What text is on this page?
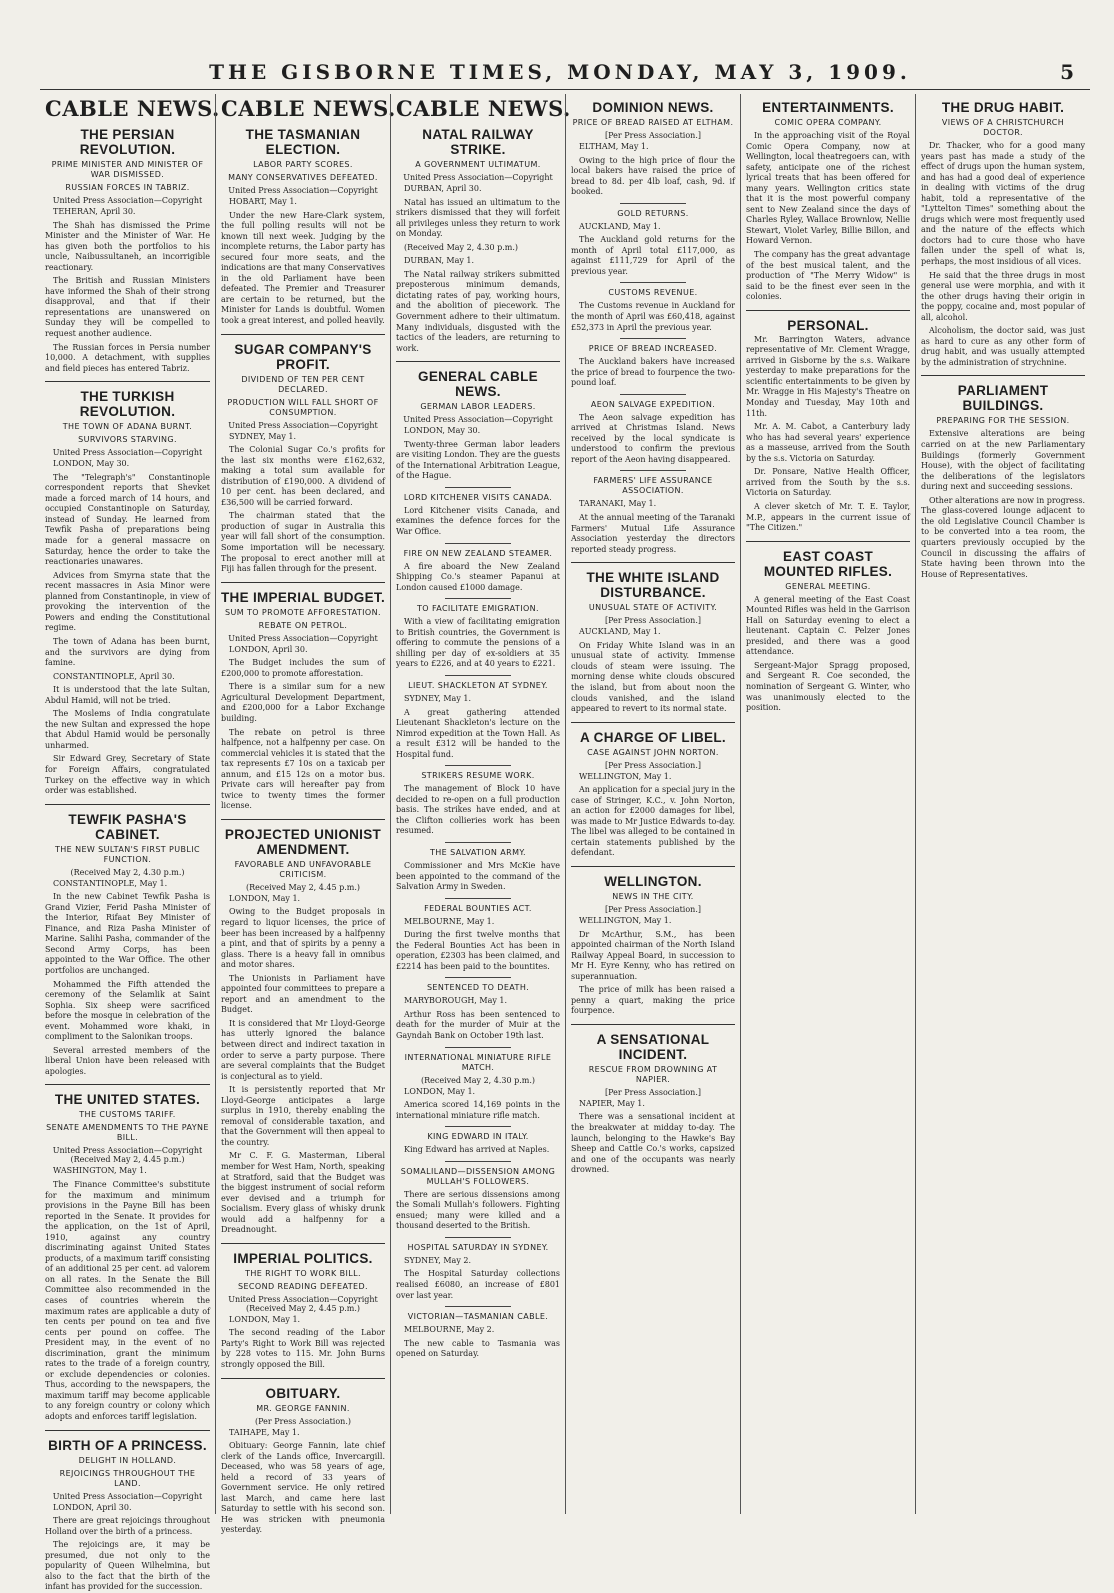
THE GISBORNE TIMES, MONDAY, MAY 3, 1909.	5
CABLE NEWS.
THE PERSIAN REVOLUTION.
PRIME MINISTER AND MINISTER OF WAR DISMISSED.
RUSSIAN FORCES IN TABRIZ.
United Press Association—Copyright

TEHERAN, April 30.

The Shah has dismissed the Prime Minister and the Minister of War. He has given both the portfolios to his uncle, Naibussultaneh, an incorrigible reactionary.

The British and Russian Ministers have informed the Shah of their strong disapproval, and that if their representations are unanswered on Sunday they will be compelled to request another audience.

The Russian forces in Persia number 10,000. A detachment, with supplies and field pieces has entered Tabriz.

THE TURKISH REVOLUTION.
THE TOWN OF ADANA BURNT.
SURVIVORS STARVING.
United Press Association—Copyright

LONDON, May 30.

The "Telegraph's" Constantinople correspondent reports that Shevket made a forced march of 14 hours, and occupied Constantinople on Saturday, instead of Sunday. He learned from Tewfik Pasha of preparations being made for a general massacre on Saturday, hence the order to take the reactionaries unawares.

Advices from Smyrna state that the recent massacres in Asia Minor were planned from Constantinople, in view of provoking the intervention of the Powers and ending the Constitutional regime.

The town of Adana has been burnt, and the survivors are dying from famine.

CONSTANTINOPLE, April 30.

It is understood that the late Sultan, Abdul Hamid, will not be tried.

The Moslems of India congratulate the new Sultan and expressed the hope that Abdul Hamid would be personally unharmed.

Sir Edward Grey, Secretary of State for Foreign Affairs, congratulated Turkey on the effective way in which order was established.

TEWFIK PASHA'S CABINET.
THE NEW SULTAN'S FIRST PUBLIC FUNCTION.
(Received May 2, 4.30 p.m.)

CONSTANTINOPLE, May 1.

In the new Cabinet Tewfik Pasha is Grand Vizier, Ferid Pasha Minister of the Interior, Rifaat Bey Minister of Finance, and Riza Pasha Minister of Marine. Salihi Pasha, commander of the Second Army Corps, has been appointed to the War Office. The other portfolios are unchanged.

Mohammed the Fifth attended the ceremony of the Selamlik at Saint Sophia. Six sheep were sacrificed before the mosque in celebration of the event. Mohammed wore khaki, in compliment to the Salonikan troops.

Several arrested members of the liberal Union have been released with apologies.

THE UNITED STATES.
THE CUSTOMS TARIFF.
SENATE AMENDMENTS TO THE PAYNE BILL.
United Press Association—Copyright (Received May 2, 4.45 p.m.)

WASHINGTON, May 1.

The Finance Committee's substitute for the maximum and minimum provisions in the Payne Bill has been reported in the Senate. It provides for the application, on the 1st of April, 1910, against any country discriminating against United States products, of a maximum tariff consisting of an additional 25 per cent. ad valorem on all rates. In the Senate the Bill Committee also recommended in the cases of countries wherein the maximum rates are applicable a duty of ten cents per pound on tea and five cents per pound on coffee. The President may, in the event of no discrimination, grant the minimum rates to the trade of a foreign country, or exclude dependencies or colonies. Thus, according to the newspapers, the maximum tariff may become applicable to any foreign country or colony which adopts and enforces tariff legislation.

BIRTH OF A PRINCESS.
DELIGHT IN HOLLAND.
REJOICINGS THROUGHOUT THE LAND.
United Press Association—Copyright

LONDON, April 30.

There are great rejoicings throughout Holland over the birth of a princess.

The rejoicings are, it may be presumed, due not only to the popularity of Queen Wilhelmina, but also to the fact that the birth of the infant has provided for the succession.

CABLE NEWS.
THE TASMANIAN ELECTION.
LABOR PARTY SCORES.
MANY CONSERVATIVES DEFEATED.
United Press Association—Copyright

HOBART, May 1.

Under the new Hare-Clark system, the full polling results will not be known till next week. Judging by the incomplete returns, the Labor party has secured four more seats, and the indications are that many Conservatives in the old Parliament have been defeated. The Premier and Treasurer are certain to be returned, but the Minister for Lands is doubtful. Women took a great interest, and polled heavily.

SUGAR COMPANY'S PROFIT.
DIVIDEND OF TEN PER CENT DECLARED.
PRODUCTION WILL FALL SHORT OF CONSUMPTION.
United Press Association—Copyright

SYDNEY, May 1.

The Colonial Sugar Co.'s profits for the last six months were £162,632, making a total sum available for distribution of £190,000. A dividend of 10 per cent. has been declared, and £36,500 will be carried forward.

The chairman stated that the production of sugar in Australia this year will fall short of the consumption. Some importation will be necessary. The proposal to erect another mill at Fiji has fallen through for the present.

THE IMPERIAL BUDGET.
SUM TO PROMOTE AFFORESTATION.
REBATE ON PETROL.
United Press Association—Copyright

LONDON, April 30.

The Budget includes the sum of £200,000 to promote afforestation.

There is a similar sum for a new Agricultural Development Department, and £200,000 for a Labor Exchange building.

The rebate on petrol is three halfpence, not a halfpenny per case. On commercial vehicles it is stated that the tax represents £7 10s on a taxicab per annum, and £15 12s on a motor bus. Private cars will hereafter pay from twice to twenty times the former license.

PROJECTED UNIONIST AMENDMENT.
FAVORABLE AND UNFAVORABLE CRITICISM.
(Received May 2, 4.45 p.m.)

LONDON, May 1.

Owing to the Budget proposals in regard to liquor licenses, the price of beer has been increased by a halfpenny a pint, and that of spirits by a penny a glass. There is a heavy fall in omnibus and motor shares.

The Unionists in Parliament have appointed four committees to prepare a report and an amendment to the Budget.

It is considered that Mr Lloyd-George has utterly ignored the balance between direct and indirect taxation in order to serve a party purpose. There are several complaints that the Budget is conjectural as to yield.

It is persistently reported that Mr Lloyd-George anticipates a large surplus in 1910, thereby enabling the removal of considerable taxation, and that the Government will then appeal to the country.

Mr C. F. G. Masterman, Liberal member for West Ham, North, speaking at Stratford, said that the Budget was the biggest instrument of social reform ever devised and a triumph for Socialism. Every glass of whisky drunk would add a halfpenny for a Dreadnought.

IMPERIAL POLITICS.
THE RIGHT TO WORK BILL.
SECOND READING DEFEATED.
United Press Association—Copyright (Received May 2, 4.45 p.m.)

LONDON, May 1.

The second reading of the Labor Party's Right to Work Bill was rejected by 228 votes to 115. Mr. John Burns strongly opposed the Bill.

OBITUARY.
MR. GEORGE FANNIN.
(Per Press Association.)

TAIHAPE, May 1.

Obituary: George Fannin, late chief clerk of the Lands office, Invercargill. Deceased, who was 58 years of age, held a record of 33 years of Government service. He only retired last March, and came here last Saturday to settle with his second son. He was stricken with pneumonia yesterday.

CABLE NEWS.
NATAL RAILWAY STRIKE.
A GOVERNMENT ULTIMATUM.
United Press Association—Copyright

DURBAN, April 30.

Natal has issued an ultimatum to the strikers dismissed that they will forfeit all privileges unless they return to work on Monday.

(Received May 2, 4.30 p.m.)

DURBAN, May 1.

The Natal railway strikers submitted preposterous minimum demands, dictating rates of pay, working hours, and the abolition of piecework. The Government adhere to their ultimatum. Many individuals, disgusted with the tactics of the leaders, are returning to work.

GENERAL CABLE NEWS.
GERMAN LABOR LEADERS.
United Press Association—Copyright

LONDON, May 30.

Twenty-three German labor leaders are visiting London. They are the guests of the International Arbitration League, of the Hague.

LORD KITCHENER VISITS CANADA.

Lord Kitchener visits Canada, and examines the defence forces for the War Office.

FIRE ON NEW ZEALAND STEAMER.

A fire aboard the New Zealand Shipping Co.'s steamer Papanui at London caused £1000 damage.

TO FACILITATE EMIGRATION.

With a view of facilitating emigration to British countries, the Government is offering to commute the pensions of a shilling per day of ex-soldiers at 35 years to £226, and at 40 years to £221.

LIEUT. SHACKLETON AT SYDNEY.

SYDNEY, May 1.

A great gathering attended Lieutenant Shackleton's lecture on the Nimrod expedition at the Town Hall. As a result £312 will be handed to the Hospital fund.

STRIKERS RESUME WORK.

The management of Block 10 have decided to re-open on a full production basis. The strikes have ended, and at the Clifton collieries work has been resumed.

THE SALVATION ARMY.

Commissioner and Mrs McKie have been appointed to the command of the Salvation Army in Sweden.

FEDERAL BOUNTIES ACT.

MELBOURNE, May 1.

During the first twelve months that the Federal Bounties Act has been in operation, £2303 has been claimed, and £2214 has been paid to the bountites.

SENTENCED TO DEATH.

MARYBOROUGH, May 1.

Arthur Ross has been sentenced to death for the murder of Muir at the Gayndah Bank on October 19th last.

INTERNATIONAL MINIATURE RIFLE MATCH.
(Received May 2, 4.30 p.m.)

LONDON, May 1.

America scored 14,169 points in the international miniature rifle match.

KING EDWARD IN ITALY.

King Edward has arrived at Naples.

SOMALILAND—DISSENSION AMONG MULLAH'S FOLLOWERS.

There are serious dissensions among the Somali Mullah's followers. Fighting ensued; many were killed and a thousand deserted to the British.

HOSPITAL SATURDAY IN SYDNEY.

SYDNEY, May 2.

The Hospital Saturday collections realised £6080, an increase of £801 over last year.

VICTORIAN—TASMANIAN CABLE.

MELBOURNE, May 2.

The new cable to Tasmania was opened on Saturday.

DOMINION NEWS.
PRICE OF BREAD RAISED AT ELTHAM.
[Per Press Association.]

ELTHAM, May 1.

Owing to the high price of flour the local bakers have raised the price of bread to 8d. per 4lb loaf, cash, 9d. if booked.

GOLD RETURNS.

AUCKLAND, May 1.

The Auckland gold returns for the month of April total £117,000, as against £111,729 for April of the previous year.

CUSTOMS REVENUE.

The Customs revenue in Auckland for the month of April was £60,418, against £52,373 in April the previous year.

PRICE OF BREAD INCREASED.

The Auckland bakers have increased the price of bread to fourpence the two-pound loaf.

AEON SALVAGE EXPEDITION.

The Aeon salvage expedition has arrived at Christmas Island. News received by the local syndicate is understood to confirm the previous report of the Aeon having disappeared.

FARMERS' LIFE ASSURANCE ASSOCIATION.

TARANAKI, May 1.

At the annual meeting of the Taranaki Farmers' Mutual Life Assurance Association yesterday the directors reported steady progress.

THE WHITE ISLAND DISTURBANCE.
UNUSUAL STATE OF ACTIVITY.
[Per Press Association.]

AUCKLAND, May 1.

On Friday White Island was in an unusual state of activity. Immense clouds of steam were issuing. The morning dense white clouds obscured the island, but from about noon the clouds vanished, and the island appeared to revert to its normal state.

A CHARGE OF LIBEL.
CASE AGAINST JOHN NORTON.
[Per Press Association.]

WELLINGTON, May 1.

An application for a special jury in the case of Stringer, K.C., v. John Norton, an action for £2000 damages for libel, was made to Mr Justice Edwards to-day. The libel was alleged to be contained in certain statements published by the defendant.

WELLINGTON.
NEWS IN THE CITY.
[Per Press Association.]

WELLINGTON, May 1.

Dr McArthur, S.M., has been appointed chairman of the North Island Railway Appeal Board, in succession to Mr H. Eyre Kenny, who has retired on superannuation.

The price of milk has been raised a penny a quart, making the price fourpence.

A SENSATIONAL INCIDENT.
RESCUE FROM DROWNING AT NAPIER.
[Per Press Association.]

NAPIER, May 1.

There was a sensational incident at the breakwater at midday to-day. The launch, belonging to the Hawke's Bay Sheep and Cattle Co.'s works, capsized and one of the occupants was nearly drowned.

ENTERTAINMENTS.
COMIC OPERA COMPANY.

In the approaching visit of the Royal Comic Opera Company, now at Wellington, local theatregoers can, with safety, anticipate one of the richest lyrical treats that has been offered for many years. Wellington critics state that it is the most powerful company sent to New Zealand since the days of Charles Ryley, Wallace Brownlow, Nellie Stewart, Violet Varley, Billie Billon, and Howard Vernon.

The company has the great advantage of the best musical talent, and the production of "The Merry Widow" is said to be the finest ever seen in the colonies.

PERSONAL.

Mr. Barrington Waters, advance representative of Mr. Clement Wragge, arrived in Gisborne by the s.s. Waikare yesterday to make preparations for the scientific entertainments to be given by Mr. Wragge in His Majesty's Theatre on Monday and Tuesday, May 10th and 11th.

Mr. A. M. Cabot, a Canterbury lady who has had several years' experience as a masseuse, arrived from the South by the s.s. Victoria on Saturday.

Dr. Ponsare, Native Health Officer, arrived from the South by the s.s. Victoria on Saturday.

A clever sketch of Mr. T. E. Taylor, M.P., appears in the current issue of "The Citizen."

EAST COAST MOUNTED RIFLES.
GENERAL MEETING.

A general meeting of the East Coast Mounted Rifles was held in the Garrison Hall on Saturday evening to elect a lieutenant. Captain C. Pelzer Jones presided, and there was a good attendance.

Sergeant-Major Spragg proposed, and Sergeant R. Coe seconded, the nomination of Sergeant G. Winter, who was unanimously elected to the position.

THE DRUG HABIT.
VIEWS OF A CHRISTCHURCH DOCTOR.

Dr. Thacker, who for a good many years past has made a study of the effect of drugs upon the human system, and has had a good deal of experience in dealing with victims of the drug habit, told a representative of the "Lyttelton Times" something about the drugs which were most frequently used and the nature of the effects which doctors had to cure those who have fallen under the spell of what is, perhaps, the most insidious of all vices.

He said that the three drugs in most general use were morphia, and with it the other drugs having their origin in the poppy, cocaine and, most popular of all, alcohol.

Alcoholism, the doctor said, was just as hard to cure as any other form of drug habit, and was usually attempted by the administration of strychnine.

PARLIAMENT BUILDINGS.
PREPARING FOR THE SESSION.

Extensive alterations are being carried on at the new Parliamentary Buildings (formerly Government House), with the object of facilitating the deliberations of the legislators during next and succeeding sessions.

Other alterations are now in progress. The glass-covered lounge adjacent to the old Legislative Council Chamber is to be converted into a tea room, the quarters previously occupied by the Council in discussing the affairs of State having been thrown into the House of Representatives.
